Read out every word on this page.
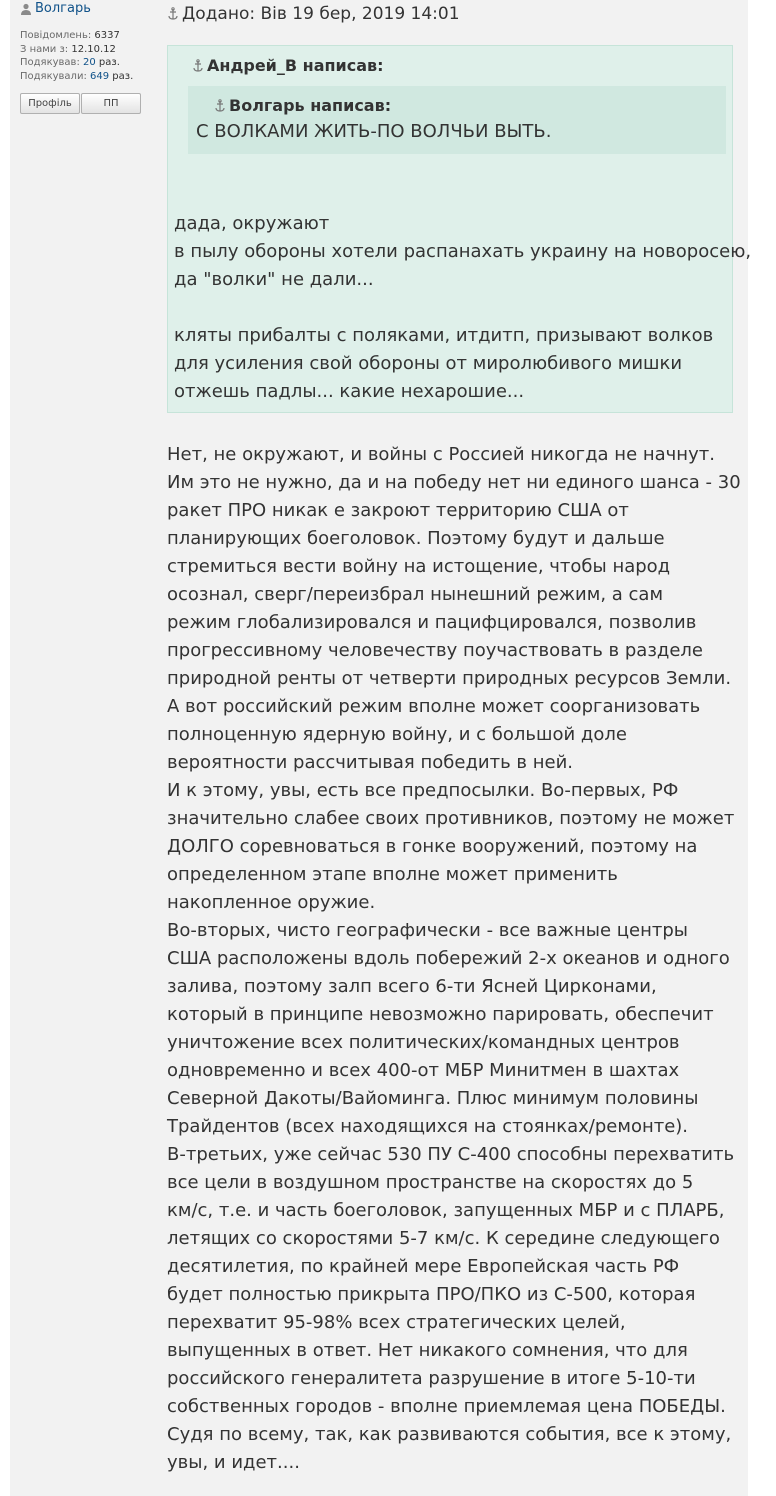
Волгарь
Повідомлень: 6337
З нами з: 12.10.12
Подякував: 20 раз.
Подякували: 649 раз.
Профіль	ПП
Додано: Вів 19 бер, 2019 14:01
Андрей_В написав:
Волгарь написав:
С ВОЛКАМИ ЖИТЬ-ПО ВОЛЧЬИ ВЫТЬ.
дада, окружают
в пылу обороны хотели распанахать украину на новоросею,
да "волки" не дали...
кляты прибалты с поляками, итдитп, призывают волков
для усиления свой обороны от миролюбивого мишки
отжешь падлы... какие нехарошие...
Нет, не окружают, и войны с Россией никогда не начнут.
Им это не нужно, да и на победу нет ни единого шанса - 30
ракет ПРО никак е закроют территорию США от
планирующих боеголовок. Поэтому будут и дальше
стремиться вести войну на истощение, чтобы народ
осознал, сверг/переизбрал нынешний режим, а сам
режим глобализировался и пацифцировался, позволив
прогрессивному человечеству поучаствовать в разделе
природной ренты от четверти природных ресурсов Земли.
А вот российский режим вполне может соорганизовать
полноценную ядерную войну, и с большой доле
вероятности рассчитывая победить в ней.
И к этому, увы, есть все предпосылки. Во-первых, РФ
значительно слабее своих противников, поэтому не может
ДОЛГО соревноваться в гонке вооружений, поэтому на
определенном этапе вполне может применить
накопленное оружие.
Во-вторых, чисто географически - все важные центры
США расположены вдоль побережий 2-х океанов и одного
залива, поэтому залп всего 6-ти Ясней Цирконами,
который в принципе невозможно парировать, обеспечит
уничтожение всех политических/командных центров
одновременно и всех 400-от МБР Минитмен в шахтах
Северной Дакоты/Вайоминга. Плюс минимум половины
Трайдентов (всех находящихся на стоянках/ремонте).
В-третьих, уже сейчас 530 ПУ С-400 способны перехватить
все цели в воздушном пространстве на скоростях до 5
км/с, т.е. и часть боеголовок, запущенных МБР и с ПЛАРБ,
летящих со скоростями 5-7 км/с. К середине следующего
десятилетия, по крайней мере Европейская часть РФ
будет полностью прикрыта ПРО/ПКО из С-500, которая
перехватит 95-98% всех стратегических целей,
выпущенных в ответ. Нет никакого сомнения, что для
российского генералитета разрушение в итоге 5-10-ти
собственных городов - вполне приемлемая цена ПОБЕДЫ.
Судя по всему, так, как развиваются события, все к этому,
увы, и идет....
